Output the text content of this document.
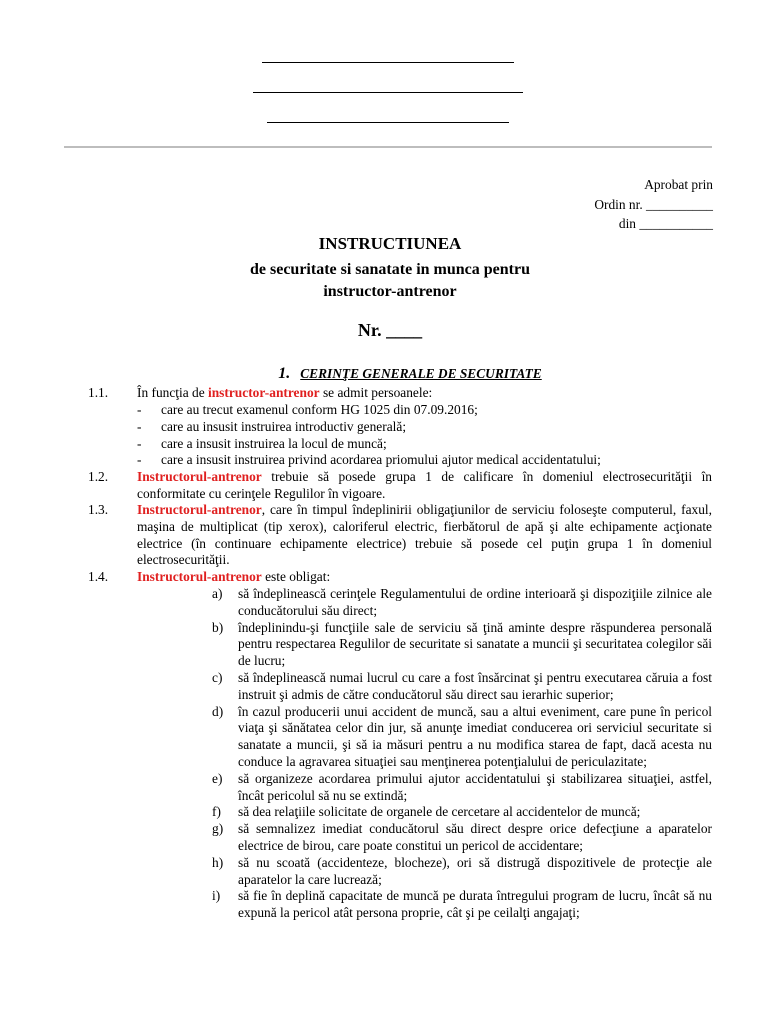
Aprobat prin
Ordin nr. __________
din ___________
INSTRUCTIUNEA
de securitate si sanatate in munca pentru
instructor-antrenor
Nr. ____
1. CERINŢE GENERALE DE SECURITATE
1.1. În funcţia de instructor-antrenor se admit persoanele:
-	care au trecut examenul conform HG 1025 din 07.09.2016;
-	care au insusit instruirea introductiv generală;
-	care a insusit instruirea la locul de muncă;
-	care a insusit instruirea privind acordarea priomului ajutor medical accidentatului;
1.2. Instructorul-antrenor trebuie să posede grupa 1 de calificare în domeniul electrosecurităţii în conformitate cu cerinţele Regulilor în vigoare.
1.3. Instructorul-antrenor, care în timpul îndeplinirii obligaţiunilor de serviciu foloseşte computerul, faxul, maşina de multiplicat (tip xerox), caloriferul electric, fierbătorul de apă şi alte echipamente acţionate electrice (în continuare echipamente electrice) trebuie să posede cel puţin grupa 1 în domeniul electrosecurităţii.
1.4. Instructorul-antrenor este obligat:
a)	să îndeplinească cerinţele Regulamentului de ordine interioară şi dispoziţiile zilnice ale conducătorului său direct;
b)	îndeplinindu-şi funcţiile sale de serviciu să ţină aminte despre răspunderea personală pentru respectarea Regulilor de securitate si sanatate a muncii şi securitatea colegilor săi de lucru;
c)	să îndeplinească numai lucrul cu care a fost însărcinat şi pentru executarea căruia a fost instruit şi admis de către conducătorul său direct sau ierarhic superior;
d)	în cazul producerii unui accident de muncă, sau a altui eveniment, care pune în pericol viaţa şi sănătatea celor din jur, să anunţe imediat conducerea ori serviciul securitate si sanatate a muncii, şi să ia măsuri pentru a nu modifica starea de fapt, dacă acesta nu conduce la agravarea situaţiei sau menţinerea potenţialului de periculazitate;
e)	să organizeze acordarea primului ajutor accidentatului şi stabilizarea situaţiei, astfel, încât pericolul să nu se extindă;
f)	să dea relaţiile solicitate de organele de cercetare al accidentelor de muncă;
g)	să semnalizez imediat conducătorul său direct despre orice defecţiune a aparatelor electrice de birou, care poate constitui un pericol de accidentare;
h)	să nu scoată (accidenteze, blocheze), ori să distrugă dispozitivele de protecţie ale aparatelor la care lucrează;
i)	să fie în deplină capacitate de muncă pe durata întregului program de lucru, încât să nu expună la pericol atât persona proprie, cât şi pe ceilalţi angajaţi;
